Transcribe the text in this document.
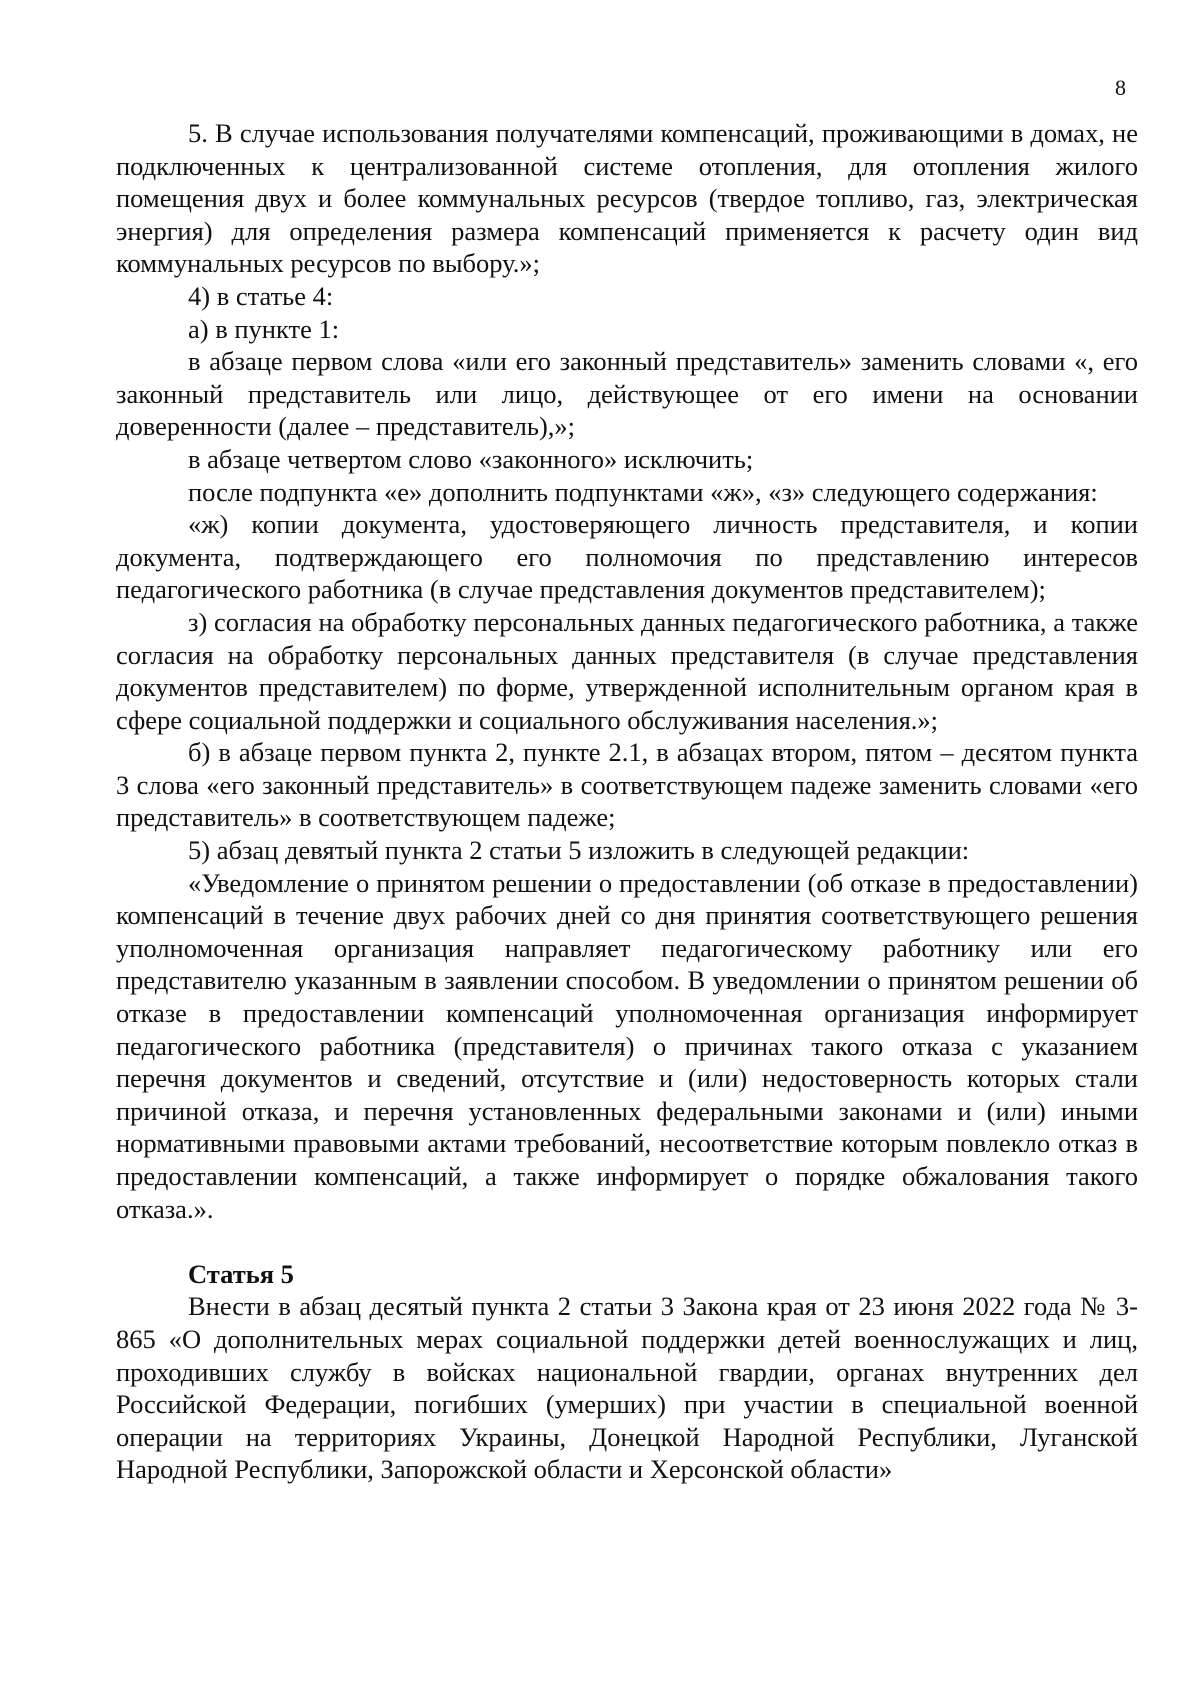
8

5. В случае использования получателями компенсаций, проживающими в домах, не подключенных к централизованной системе отопления, для отопления жилого помещения двух и более коммунальных ресурсов (твердое топливо, газ, электрическая энергия) для определения размера компенсаций применяется к расчету один вид коммунальных ресурсов по выбору.»;

4) в статье 4:

а) в пункте 1:

в абзаце первом слова «или его законный представитель» заменить словами «, его законный представитель или лицо, действующее от его имени на основании доверенности (далее – представитель),»;

в абзаце четвертом слово «законного» исключить;

после подпункта «е» дополнить подпунктами «ж», «з» следующего содержания:

«ж) копии документа, удостоверяющего личность представителя, и копии документа, подтверждающего его полномочия по представлению интересов педагогического работника (в случае представления документов представителем);

з) согласия на обработку персональных данных педагогического работника, а также согласия на обработку персональных данных представителя (в случае представления документов представителем) по форме, утвержденной исполнительным органом края в сфере социальной поддержки и социального обслуживания населения.»;

б) в абзаце первом пункта 2, пункте 2.1, в абзацах втором, пятом – десятом пункта 3 слова «его законный представитель» в соответствующем падеже заменить словами «его представитель» в соответствующем падеже;

5) абзац девятый пункта 2 статьи 5 изложить в следующей редакции:

«Уведомление о принятом решении о предоставлении (об отказе в предоставлении) компенсаций в течение двух рабочих дней со дня принятия соответствующего решения уполномоченная организация направляет педагогическому работнику или его представителю указанным в заявлении способом. В уведомлении о принятом решении об отказе в предоставлении компенсаций уполномоченная организация информирует педагогического работника (представителя) о причинах такого отказа с указанием перечня документов и сведений, отсутствие и (или) недостоверность которых стали причиной отказа, и перечня установленных федеральными законами и (или) иными нормативными правовыми актами требований, несоответствие которым повлекло отказ в предоставлении компенсаций, а также информирует о порядке обжалования такого отказа.».

Статья 5

Внести в абзац десятый пункта 2 статьи 3 Закона края от 23 июня 2022 года № 3-865 «О дополнительных мерах социальной поддержки детей военнослужащих и лиц, проходивших службу в войсках национальной гвардии, органах внутренних дел Российской Федерации, погибших (умерших) при участии в специальной военной операции на территориях Украины, Донецкой Народной Республики, Луганской Народной Республики, Запорожской области и Херсонской области»
